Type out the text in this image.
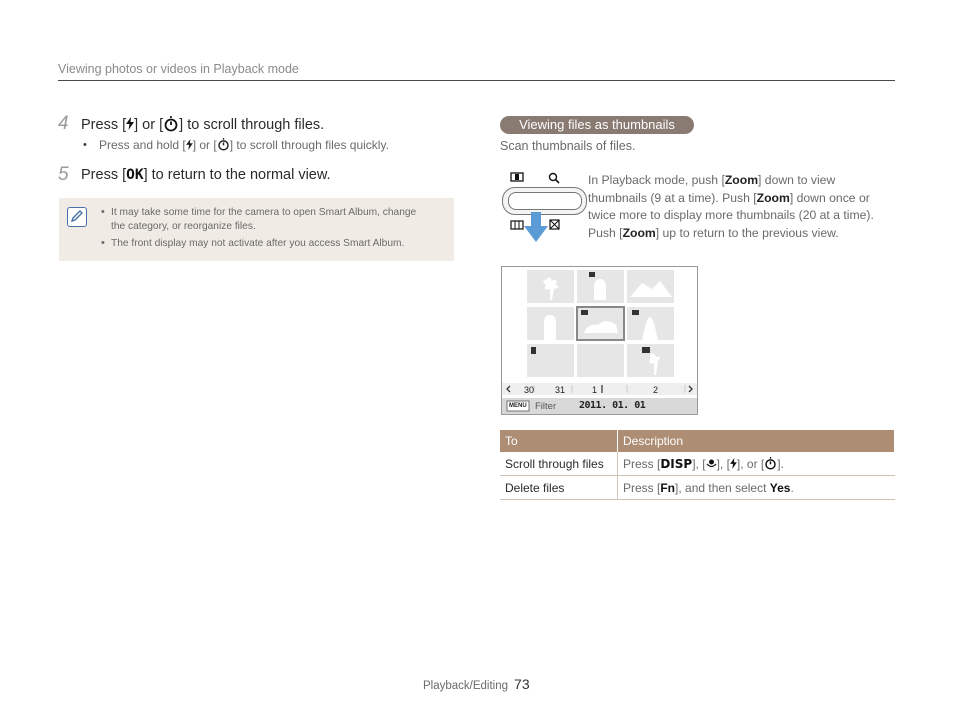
Viewing photos or videos in Playback mode
4 Press [ ] or [ ] to scroll through files.
• Press and hold [ ] or [ ] to scroll through files quickly.
5 Press [OK] to return to the normal view.
• It may take some time for the camera to open Smart Album, change
the category, or reorganize files.
• The front display may not activate after you access Smart Album.
Viewing files as thumbnails
Scan thumbnails of files.
In Playback mode, push [Zoom] down to view thumbnails (9 at a time). Push [Zoom] down once or twice more to display more thumbnails (20 at a time). Push [Zoom] up to return to the previous view.
30 31	1	2
MENU Filter 2011. 01. 01
To	Description
Scroll through files	Press [DISP], [ ], [ ], or [ ].
Delete files	Press [Fn], and then select Yes.
Playback/Editing 73
